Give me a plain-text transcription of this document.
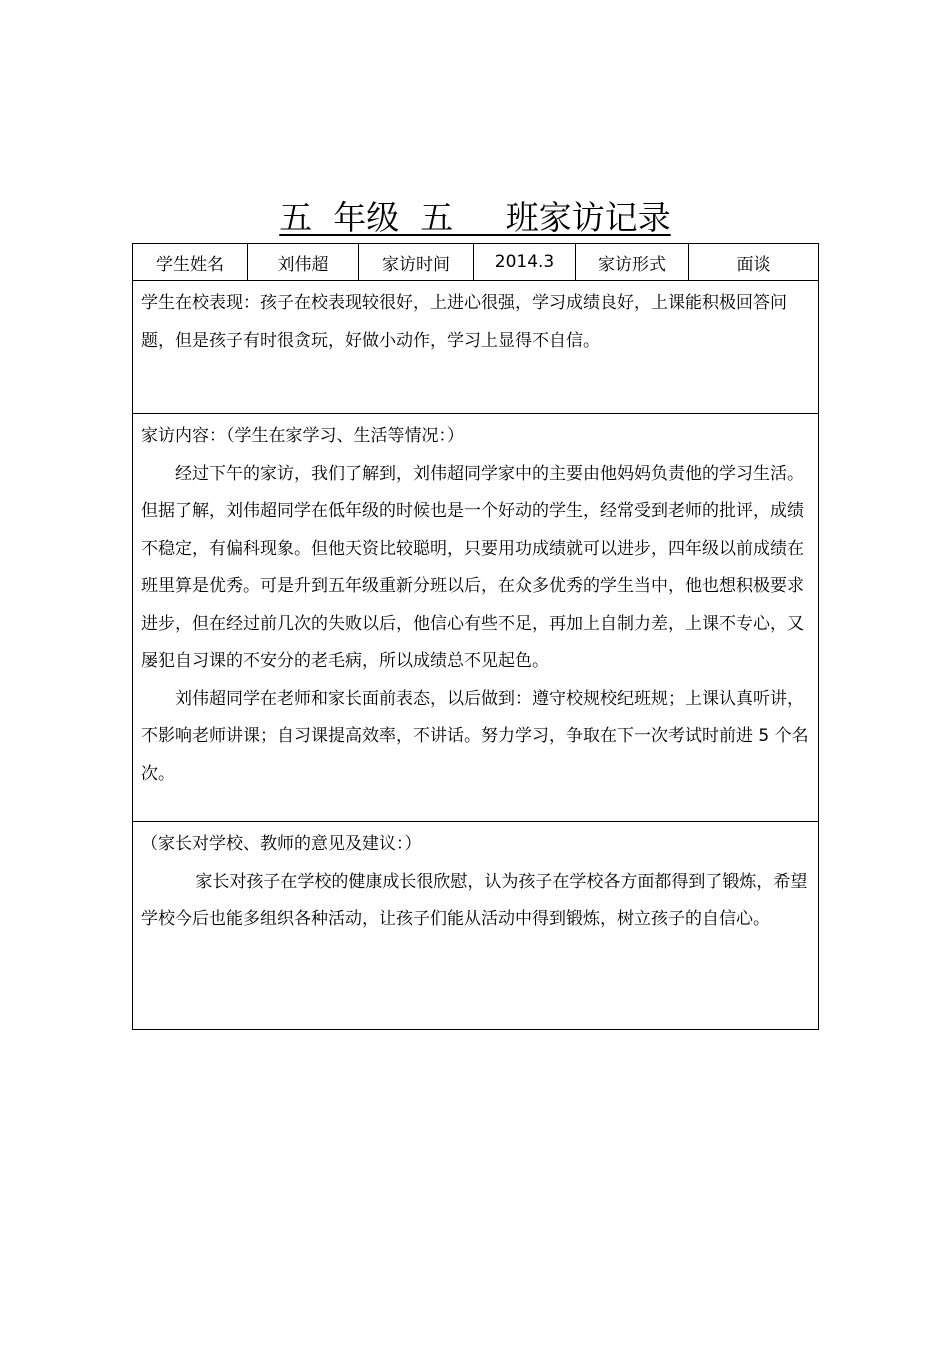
五  年级  五     班家访记录
学生姓名	刘伟超	家访时间	2014.3	家访形式	面谈

学生在校表现：孩子在校表现较很好，上进心很强，学习成绩良好，上课能积极回答问题，但是孩子有时很贪玩，好做小动作，学习上显得不自信。

家访内容：（学生在家学习、生活等情况：）

经过下午的家访，我们了解到，刘伟超同学家中的主要由他妈妈负责他的学习生活。但据了解，刘伟超同学在低年级的时候也是一个好动的学生，经常受到老师的批评，成绩不稳定，有偏科现象。但他天资比较聪明，只要用功成绩就可以进步，四年级以前成绩在班里算是优秀。可是升到五年级重新分班以后，在众多优秀的学生当中，他也想积极要求进步，但在经过前几次的失败以后，他信心有些不足，再加上自制力差，上课不专心，又屡犯自习课的不安分的老毛病，所以成绩总不见起色。

刘伟超同学在老师和家长面前表态，以后做到：遵守校规校纪班规；上课认真听讲，不影响老师讲课；自习课提高效率，不讲话。努力学习，争取在下一次考试时前进 5 个名次。

（家长对学校、教师的意见及建议：）

家长对孩子在学校的健康成长很欣慰，认为孩子在学校各方面都得到了锻炼，希望学校今后也能多组织各种活动，让孩子们能从活动中得到锻炼，树立孩子的自信心。
